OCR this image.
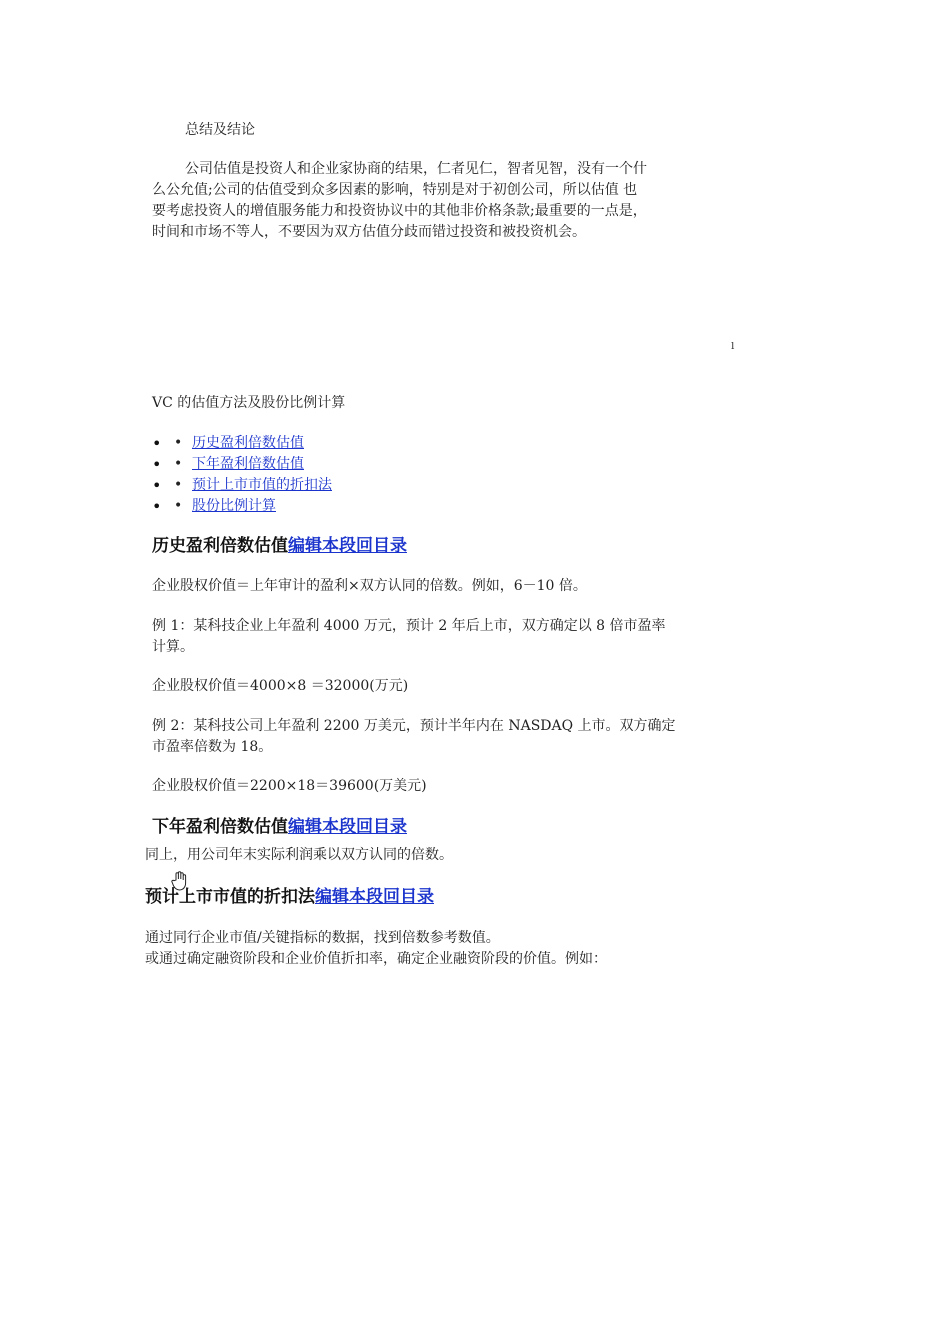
总结及结论

公司估值是投资人和企业家协商的结果，仁者见仁，智者见智，没有一个什

么公允值;公司的估值受到众多因素的影响，特别是对于初创公司，所以估值 也

要考虑投资人的增值服务能力和投资协议中的其他非价格条款;最重要的一点是，

时间和市场不等人，不要因为双方估值分歧而错过投资和被投资机会。

ₗ

VC 的估值方法及股份比例计算

• • 历史盈利倍数估值
• • 下年盈利倍数估值
• • 预计上市市值的折扣法
• • 股份比例计算
历史盈利倍数估值编辑本段回目录

企业股权价值＝上年审计的盈利×双方认同的倍数。例如，6－10 倍。

例 1：某科技企业上年盈利 4000 万元，预计 2 年后上市，双方确定以 8 倍市盈率

计算。

企业股权价值＝4000×8 ＝32000(万元)

例 2：某科技公司上年盈利 2200 万美元，预计半年内在 NASDAQ 上市。双方确定

市盈率倍数为 18。

企业股权价值＝2200×18＝39600(万美元)

下年盈利倍数估值编辑本段回目录

同上，用公司年末实际利润乘以双方认同的倍数。

预计上市市值的折扣法编辑本段回目录

通过同行企业市值/关键指标的数据，找到倍数参考数值。

或通过确定融资阶段和企业价值折扣率，确定企业融资阶段的价值。例如：
